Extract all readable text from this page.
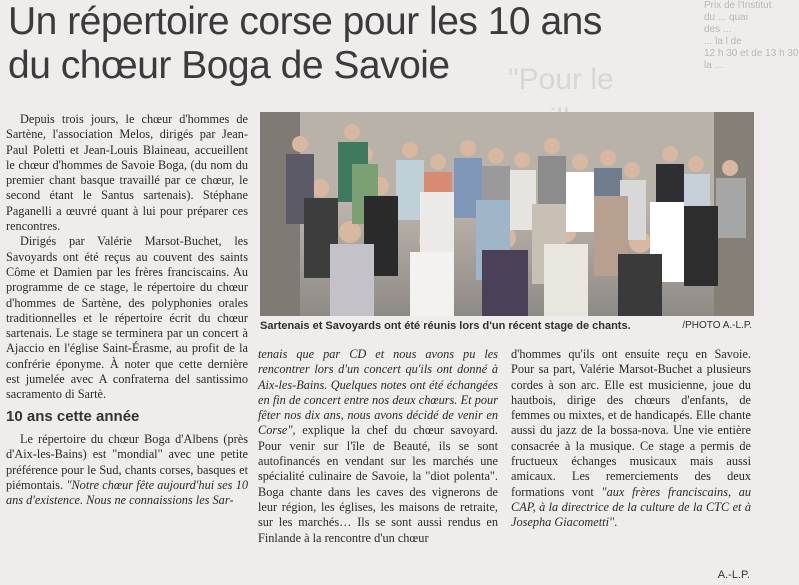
Un répertoire corse pour les 10 ans
du chœur Boga de Savoie	"Pour le
Prix de l'Institut
du ... quai
des ...
... la l de
12 h 30 et de 13 h 30
la ...

Depuis trois jours, le chœur d'hommes de Sartène, l'association Melos, dirigés par Jean-Paul Poletti et Jean-Louis Blaineau, accueillent le chœur d'hommes de Savoie Boga, (du nom du premier chant basque travaillé par ce chœur, le second étant le Santus sartenais). Stéphane Paganelli a œuvré quant à lui pour préparer ces rencontres.

Dirigés par Valérie Marsot-Buchet, les Savoyards ont été reçus au couvent des saints Côme et Damien par les frères franciscains. Au programme de ce stage, le répertoire du chœur d'hommes de Sartène, des polyphonies orales traditionnelles et le répertoire écrit du chœur sartenais. Le stage se terminera par un concert à Ajaccio en l'église Saint-Érasme, au profit de la confrérie éponyme. À noter que cette dernière est jumelée avec A confraterna del santissimo sacramento di Sartè.

10 ans cette année

Le répertoire du chœur Boga d'Albens (près d'Aix-les-Bains) est "mondial" avec une petite préférence pour le Sud, chants corses, basques et piémontais. "Notre chœur fête aujourd'hui ses 10 ans d'existence. Nous ne connaissions les Sar-

Sartenais et Savoyards ont été réunis lors d'un récent stage de chants.	/PHOTO A.-L.P.

tenais que par CD et nous avons pu les rencontrer lors d'un concert qu'ils ont donné à Aix-les-Bains. Quelques notes ont été échangées en fin de concert entre nos deux chœurs. Et pour fêter nos dix ans, nous avons décidé de venir en Corse", explique la chef du chœur savoyard. Pour venir sur l'île de Beauté, ils se sont autofinancés en vendant sur les marchés une spécialité culinaire de Savoie, la "diot polenta". Boga chante dans les caves des vignerons de leur région, les églises, les maisons de retraite, sur les marchés… Ils se sont aussi rendus en Finlande à la rencontre d'un chœur

d'hommes qu'ils ont ensuite reçu en Savoie. Pour sa part, Valérie Marsot-Buchet a plusieurs cordes à son arc. Elle est musicienne, joue du hautbois, dirige des chœurs d'enfants, de femmes ou mixtes, et de handicapés. Elle chante aussi du jazz de la bossa-nova. Une vie entière consacrée à la musique. Ce stage a permis de fructueux échanges musicaux mais aussi amicaux. Les remerciements des deux formations vont "aux frères franciscains, au CAP, à la directrice de la culture de la CTC et à Josepha Giacometti".

A.-L.P.
